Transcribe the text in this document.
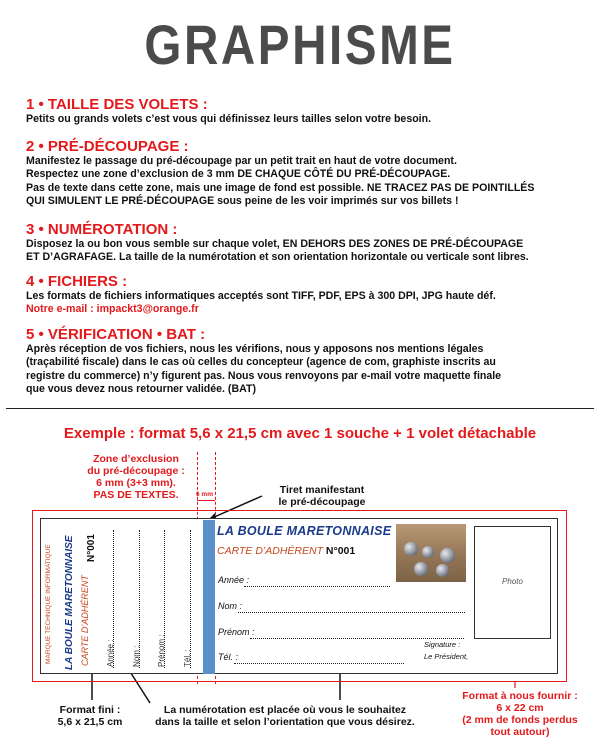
GRAPHISME
1 • TAILLE DES VOLETS :

Petits ou grands volets c’est vous qui définissez leurs tailles selon votre besoin.

2 • PRÉ-DÉCOUPAGE :

Manifestez le passage du pré-découpage par un petit trait en haut de votre document.

Respectez une zone d’exclusion de 3 mm DE CHAQUE CÔTÉ DU PRÉ-DÉCOUPAGE.

Pas de texte dans cette zone, mais une image de fond est possible. NE TRACEZ PAS DE POINTILLÉS

QUI SIMULENT LE PRÉ-DÉCOUPAGE sous peine de les voir imprimés sur vos billets !

3 • NUMÉROTATION :

Disposez la ou bon vous semble sur chaque volet, EN DEHORS DES ZONES DE PRÉ-DÉCOUPAGE

ET D’AGRAFAGE. La taille de la numérotation et son orientation horizontale ou verticale sont libres.

4 • FICHIERS :

Les formats de fichiers informatiques acceptés sont TIFF, PDF, EPS à 300 DPI, JPG haute déf.

Notre e-mail : impackt3@orange.fr

5 • VÉRIFICATION • BAT :

Après réception de vos fichiers, nous les vérifions, nous y apposons nos mentions légales

(traçabilité fiscale) dans le cas où celles du concepteur (agence de com, graphiste inscrits au

registre du commerce) n’y figurent pas. Nous vous renvoyons par e-mail votre maquette finale

que vous devez nous retourner validée. (BAT)

Exemple : format 5,6 x 21,5 cm avec 1 souche + 1 volet détachable
Zone d’exclusion
du pré-découpage :
6 mm (3+3 mm).
PAS DE TEXTES.	6 mm	Tiret manifestant
le pré-découpage
MARQUE TECHNIQUE INFORMATIQUE LA BOULE MARETONNAISE CARTE D’ADHÉRENT
N°001
Année : Nom : Prénom : Tél. :
LA BOULE MARETONNAISE
CARTE D’ADHÉRENT N°001
Année :
Nom :
Prénom :
Tél. :
Signature :
Le Président,
Photo
Format fini :
5,6 x 21,5 cm
La numérotation est placée où vous le souhaitez
dans la taille et selon l’orientation que vous désirez.
Format à nous fournir :
6 x 22 cm
(2 mm de fonds perdus
tout autour)
